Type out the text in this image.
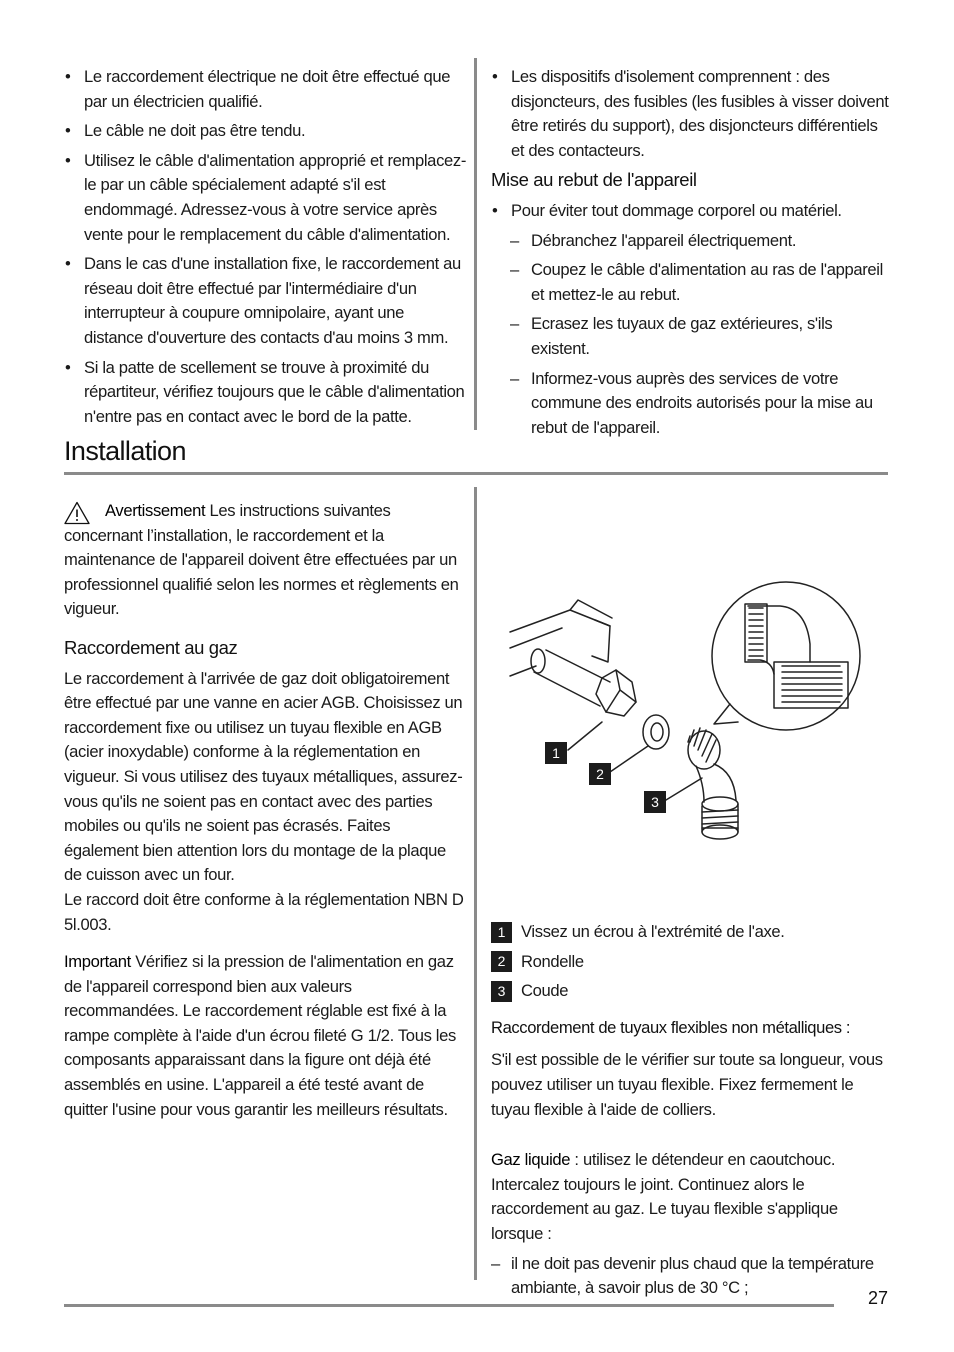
• Le raccordement électrique ne doit être effectué que par un électricien qualifié.
• Le câble ne doit pas être tendu.
• Utilisez le câble d'alimentation approprié et remplacez-le par un câble spécialement adapté s'il est endommagé. Adressez-vous à votre service après vente pour le remplacement du câble d'alimentation.
• Dans le cas d'une installation fixe, le raccordement au réseau doit être effectué par l'intermédiaire d'un interrupteur à coupure omnipolaire, ayant une distance d'ouverture des contacts d'au moins 3 mm.
• Si la patte de scellement se trouve à proximité du répartiteur, vérifiez toujours que le câble d'alimentation n'entre pas en contact avec le bord de la patte.
• Les dispositifs d'isolement comprennent : des disjoncteurs, des fusibles (les fusibles à visser doivent être retirés du support), des disjoncteurs différentiels et des contacteurs.
Mise au rebut de l'appareil
• Pour éviter tout dommage corporel ou matériel.
– Débranchez l'appareil électriquement.
– Coupez le câble d'alimentation au ras de l'appareil et mettez-le au rebut.
– Ecrasez les tuyaux de gaz extérieures, s'ils existent.
– Informez-vous auprès des services de votre commune des endroits autorisés pour la mise au rebut de l'appareil.
Installation

Avertissement Les instructions suivantes concernant l’installation, le raccordement et la maintenance de l'appareil doivent être effectuées par un professionnel qualifié selon les normes et règlements en vigueur.

Raccordement au gaz

Le raccordement à l'arrivée de gaz doit obligatoirement être effectué par une vanne en acier AGB. Choisissez un raccordement fixe ou utilisez un tuyau flexible en AGB (acier inoxydable) conforme à la réglementation en vigueur. Si vous utilisez des tuyaux métalliques, assurez-vous qu'ils ne soient pas en contact avec des parties mobiles ou qu'ils ne soient pas écrasés. Faites également bien attention lors du montage de la plaque de cuisson avec un four.

Le raccord doit être conforme à la réglementation NBN D 5l.003.

Important Vérifiez si la pression de l'alimentation en gaz de l'appareil correspond bien aux valeurs recommandées. Le raccordement réglable est fixé à la rampe complète à l'aide d'un écrou fileté G 1/2. Tous les composants apparaissant dans la figure ont déjà été assemblés en usine. L'appareil a été testé avant de quitter l'usine pour vous garantir les meilleurs résultats.

1
2
3
1 Vissez un écrou à l'extrémité de l'axe.
2 Rondelle
3 Coude
Raccordement de tuyaux flexibles non métalliques :

S'il est possible de le vérifier sur toute sa longueur, vous pouvez utiliser un tuyau flexible. Fixez fermement le tuyau flexible à l'aide de colliers.

Gaz liquide : utilisez le détendeur en caoutchouc. Intercalez toujours le joint. Continuez alors le raccordement au gaz. Le tuyau flexible s'applique lorsque :

– il ne doit pas devenir plus chaud que la température ambiante, à savoir plus de 30 °C ;
27
